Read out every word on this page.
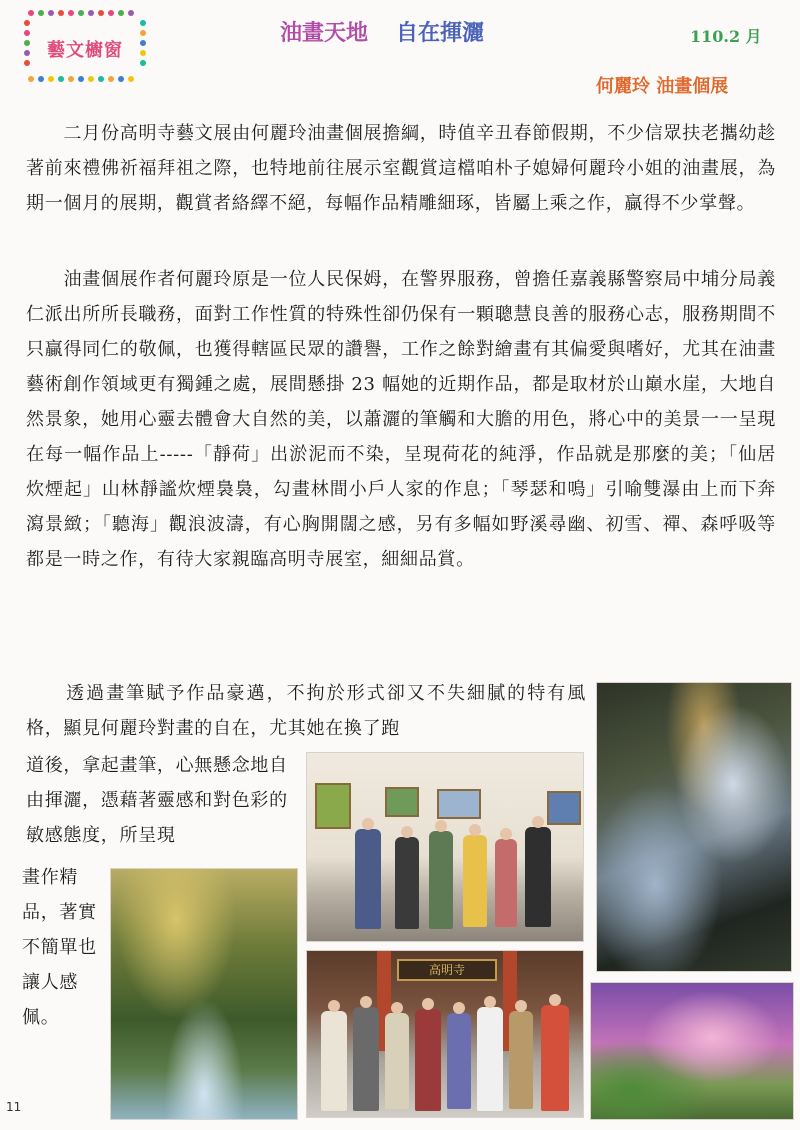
藝文櫥窗
油畫天地 自在揮灑	110.2 月
何麗玲 油畫個展

　　二月份高明寺藝文展由何麗玲油畫個展擔綱，時值辛丑春節假期，不少信眾扶老攜幼趁著前來禮佛祈福拜祖之際，也特地前往展示室觀賞這檔咱朴子媳婦何麗玲小姐的油畫展，為期一個月的展期，觀賞者絡繹不絕，每幅作品精雕細琢，皆屬上乘之作，贏得不少掌聲。

　　油畫個展作者何麗玲原是一位人民保姆，在警界服務，曾擔任嘉義縣警察局中埔分局義仁派出所所長職務，面對工作性質的特殊性卻仍保有一顆聰慧良善的服務心志，服務期間不只贏得同仁的敬佩，也獲得轄區民眾的讚譽，工作之餘對繪畫有其偏愛與嗜好，尤其在油畫藝術創作領域更有獨鍾之處，展間懸掛 23 幅她的近期作品，都是取材於山巔水崖，大地自然景象，她用心靈去體會大自然的美，以蕭灑的筆觸和大膽的用色，將心中的美景一一呈現在每一幅作品上-----「靜荷」出淤泥而不染，呈現荷花的純淨，作品就是那麼的美；「仙居炊煙起」山林靜謐炊煙裊裊，勾畫林間小戶人家的作息；「琴瑟和鳴」引喻雙瀑由上而下奔瀉景緻；「聽海」觀浪波濤，有心胸開闊之感，另有多幅如野溪尋幽、初雪、禪、森呼吸等都是一時之作，有待大家親臨高明寺展室，細細品賞。

　　透過畫筆賦予作品豪邁，不拘於形式卻又不失細膩的特有風格，顯見何麗玲對畫的自在，尤其她在換了跑

道後，拿起畫筆，心無懸念地自由揮灑，憑藉著靈感和對色彩的敏感態度，所呈現

畫作精品，著實不簡單也讓人感佩。

高明寺
11
